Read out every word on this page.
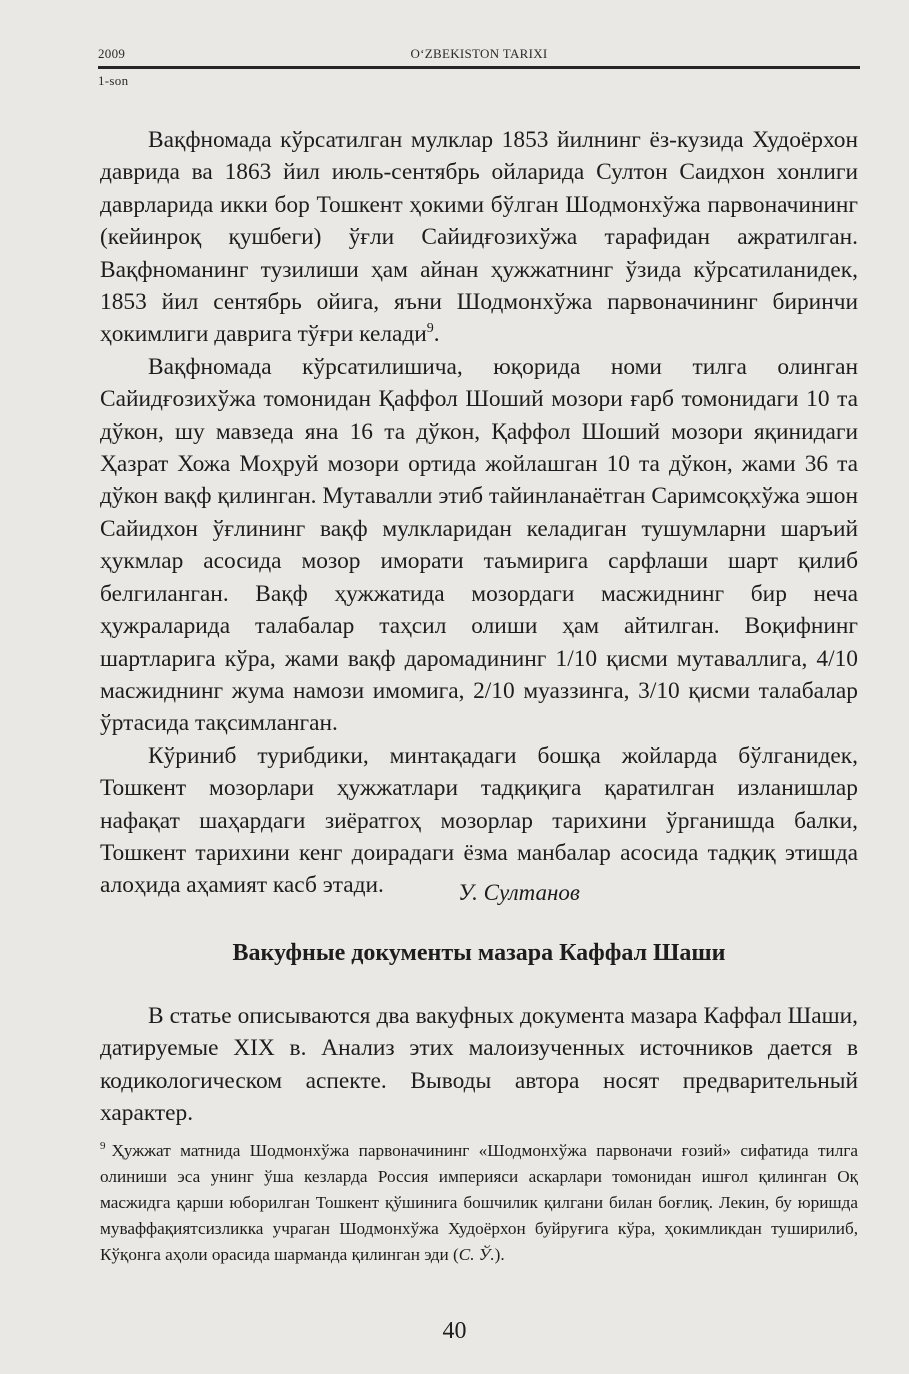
2009	O‘ZBEKISTON TARIXI
1-son

Вақфномада кўрсатилган мулклар 1853 йилнинг ёз-кузида Худоёрхон даврида ва 1863 йил июль-сентябрь ойларида Султон Саидхон хонлиги даврларида икки бор Тошкент ҳокими бўлган Шодмонхўжа парвоначининг (кейинроқ қушбеги) ўғли Сайидғозихўжа тарафидан ажратилган. Вақфноманинг тузилиши ҳам айнан ҳужжатнинг ўзида кўрсатиланидек, 1853 йил сентябрь ойига, яъни Шодмонхўжа парвоначининг биринчи ҳокимлиги даврига тўғри келади$^9$.

Вақфномада кўрсатилишича, юқорида номи тилга олинган Сайидғозихўжа томонидан Қаффол Шоший мозори ғарб томонидаги 10 та дўкон, шу мавзеда яна 16 та дўкон, Қаффол Шоший мозори яқинидаги Ҳазрат Хожа Моҳруй мозори ортида жойлашган 10 та дўкон, жами 36 та дўкон вақф қилинган. Мутавалли этиб тайинланаётган Саримсоқхўжа эшон Сайидхон ўғлининг вақф мулкларидан келадиган тушумларни шаръий ҳукмлар асосида мозор иморати таъмирига сарфлаши шарт қилиб белгиланган. Вақф ҳужжатида мозордаги масжиднинг бир неча ҳужраларида талабалар таҳсил олиши ҳам айтилган. Воқифнинг шартларига кўра, жами вақф даромадининг 1/10 қисми мутаваллига, 4/10 масжиднинг жума намози имомига, 2/10 муаззинга, 3/10 қисми талабалар ўртасида тақсимланган.

Кўриниб турибдики, минтақадаги бошқа жойларда бўлганидек, Тошкент мозорлари ҳужжатлари тадқиқига қаратилган изланишлар нафақат шаҳардаги зиёратгоҳ мозорлар тарихини ўрганишда балки, Тошкент тарихини кенг доирадаги ёзма манбалар асосида тадқиқ этишда алоҳида аҳамият касб этади.	У. Султанов
Вакуфные документы мазара Каффал Шаши

В статье описываются два вакуфных документа мазара Каффал Шаши, датируемые XIX в. Анализ этих малоизученных источников дается в кодикологическом аспекте. Выводы автора носят предварительный характер.

$^9$ Ҳужжат матнида Шодмонхўжа парвоначининг «Шодмонхўжа парвоначи ғозий» сифатида тилга олиниши эса унинг ўша кезларда Россия империяси аскарлари томонидан ишғол қилинган Оқ масжидга қарши юборилган Тошкент қўшинига бошчилик қилгани билан боғлиқ. Лекин, бу юришда муваффақиятсизликка учраган Шодмонхўжа Худоёрхон буйруғига кўра, ҳокимликдан туширилиб, Кўқонга аҳоли орасида шарманда қилинган эди (С. Ў.).

40
